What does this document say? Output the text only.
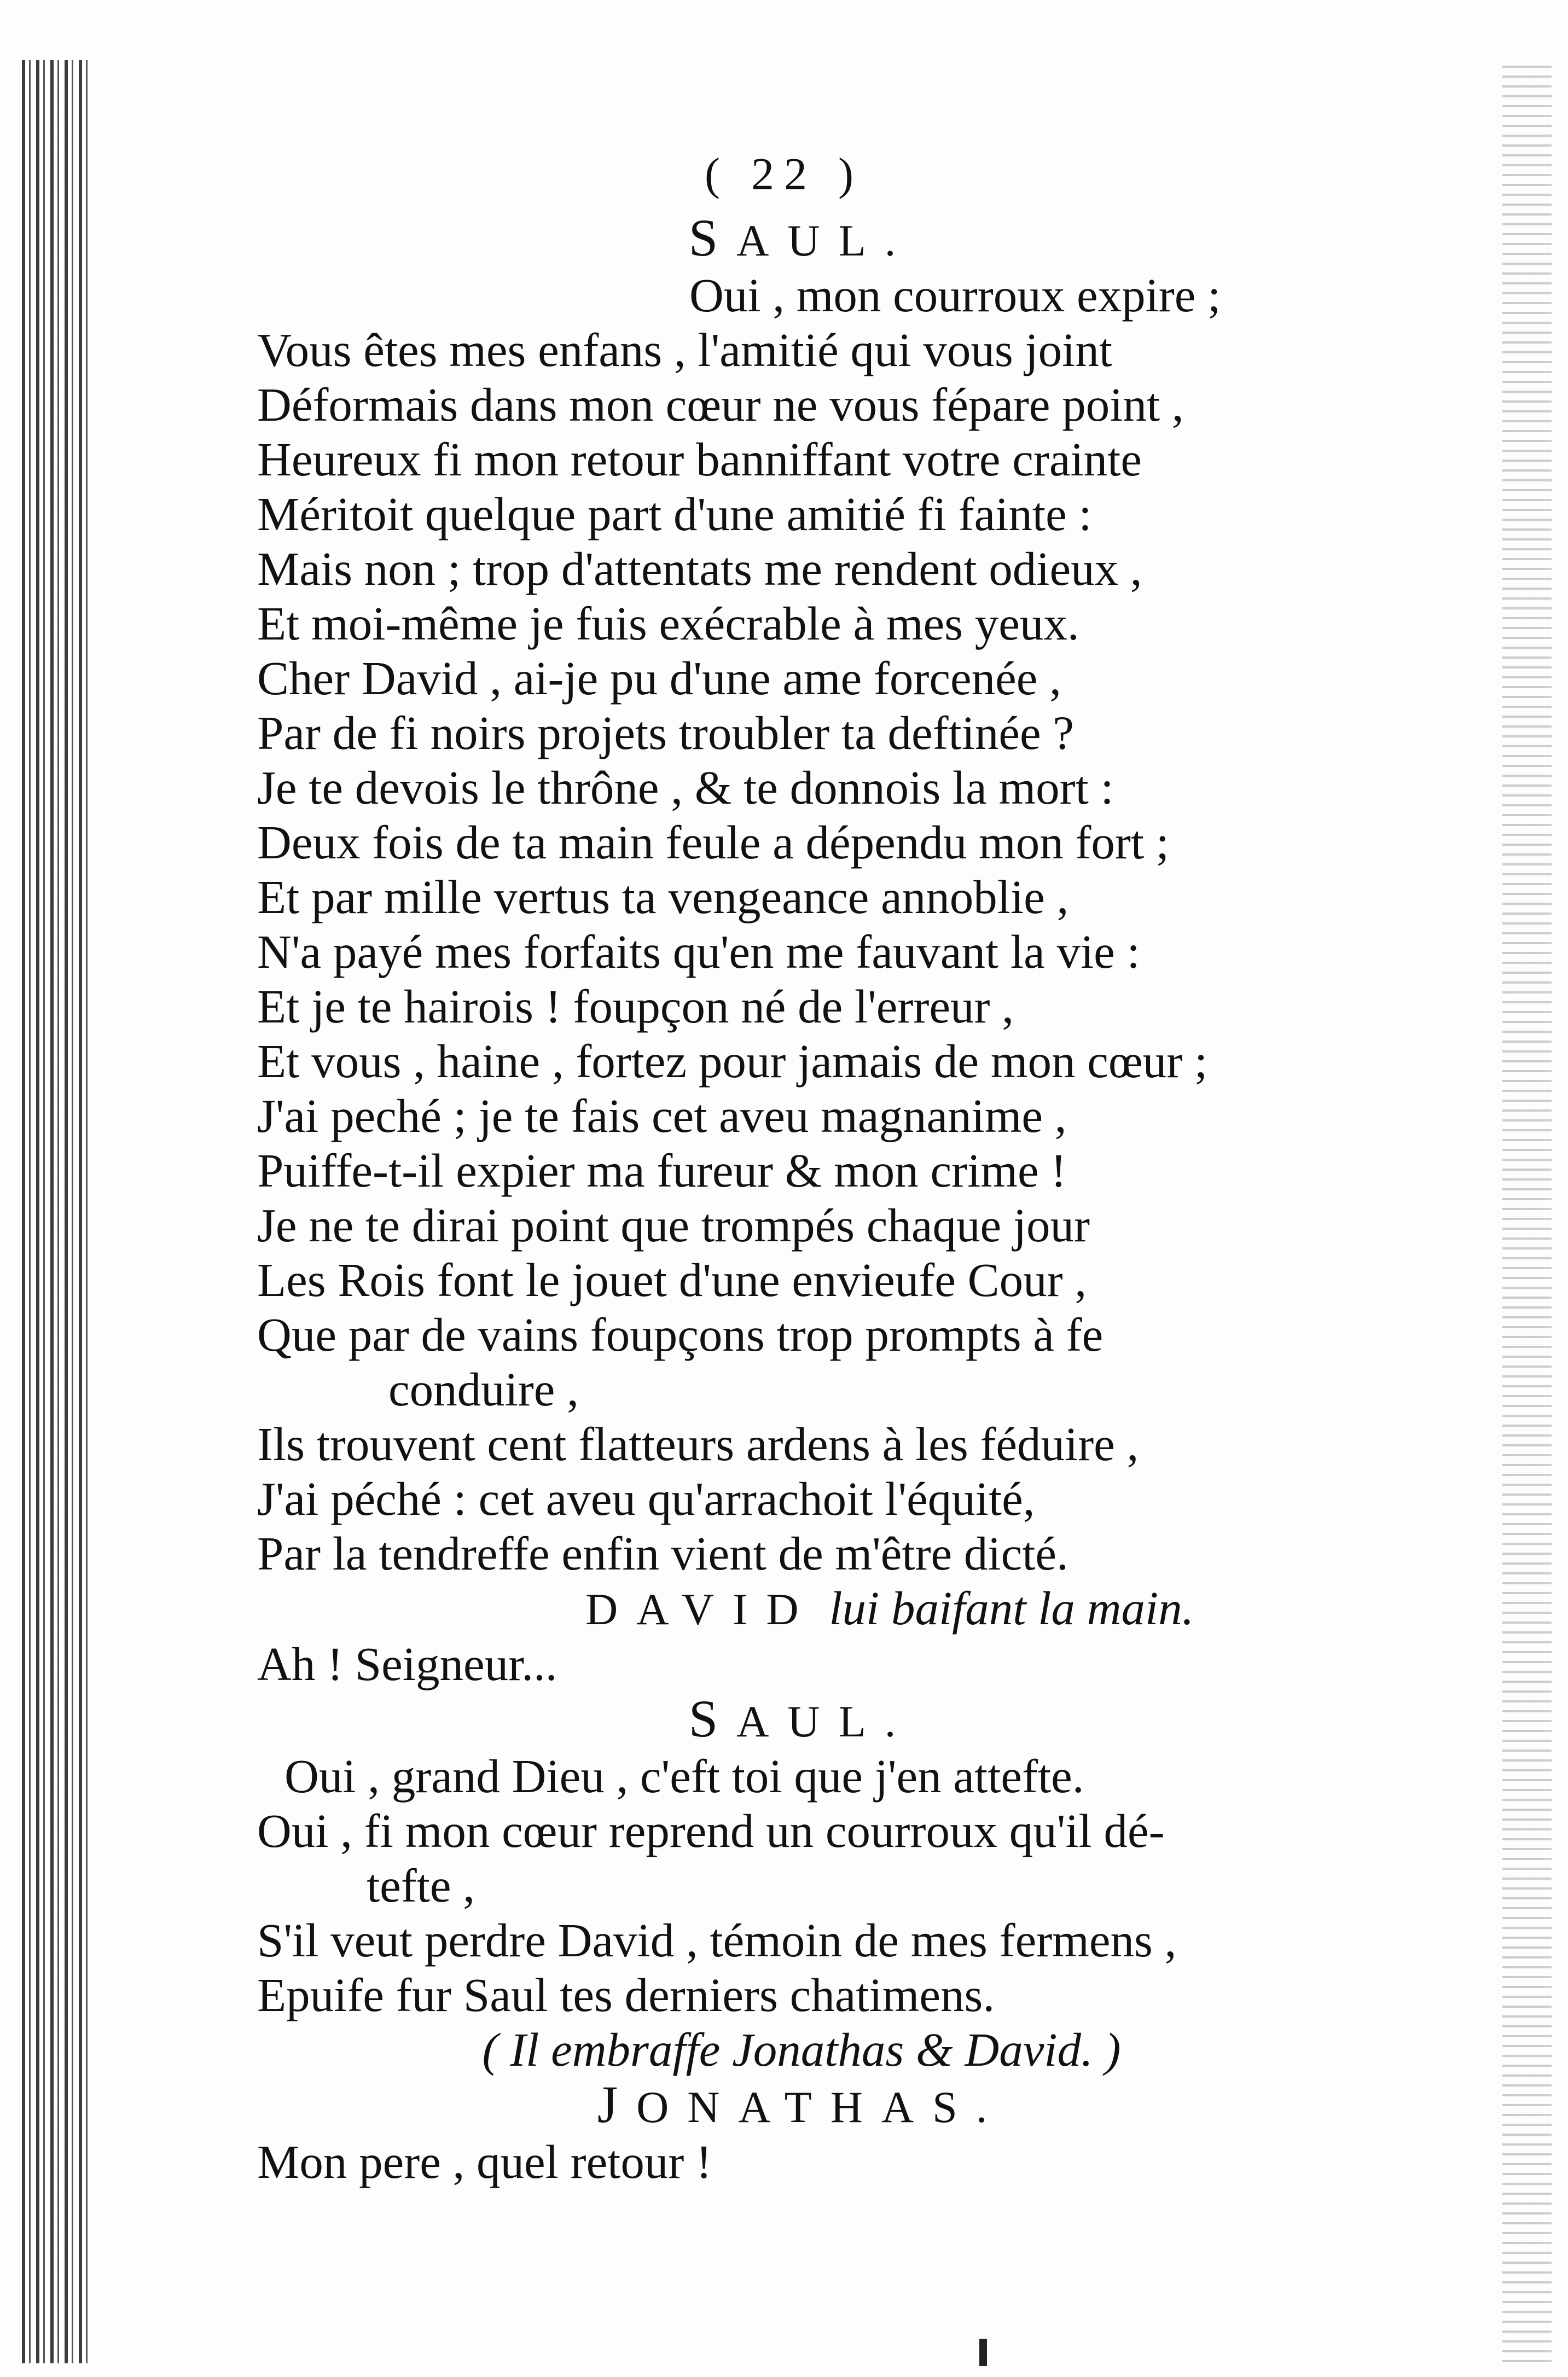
( 22 )
SAUL.
Oui , mon courroux expire ;
Vous êtes mes enfans , l'amitié qui vous joint
Déformais dans mon cœur ne vous fépare point ,
Heureux fi mon retour banniffant votre crainte
Méritoit quelque part d'une amitié fi fainte :
Mais non ; trop d'attentats me rendent odieux ,
Et moi-même je fuis exécrable à mes yeux.
Cher David , ai-je pu d'une ame forcenée ,
Par de fi noirs projets troubler ta deftinée ?
Je te devois le thrône , & te donnois la mort :
Deux fois de ta main feule a dépendu mon fort ;
Et par mille vertus ta vengeance annoblie ,
N'a payé mes forfaits qu'en me fauvant la vie :
Et je te hairois ! foupçon né de l'erreur ,
Et vous , haine , fortez pour jamais de mon cœur ;
J'ai peché ; je te fais cet aveu magnanime ,
Puiffe-t-il expier ma fureur & mon crime !
Je ne te dirai point que trompés chaque jour
Les Rois font le jouet d'une envieufe Cour ,
Que par de vains foupçons trop prompts à fe
conduire ,
Ils trouvent cent flatteurs ardens à les féduire ,
J'ai péché : cet aveu qu'arrachoit l'équité,
Par la tendreffe enfin vient de m'être dicté.
DAVID lui baifant la main.
Ah ! Seigneur...
SAUL.
Oui , grand Dieu , c'eft toi que j'en attefte.
Oui , fi mon cœur reprend un courroux qu'il dé-
tefte ,
S'il veut perdre David , témoin de mes fermens ,
Epuife fur Saul tes derniers chatimens.
( Il embraffe Jonathas & David. )
JONATHAS.
Mon pere , quel retour !
